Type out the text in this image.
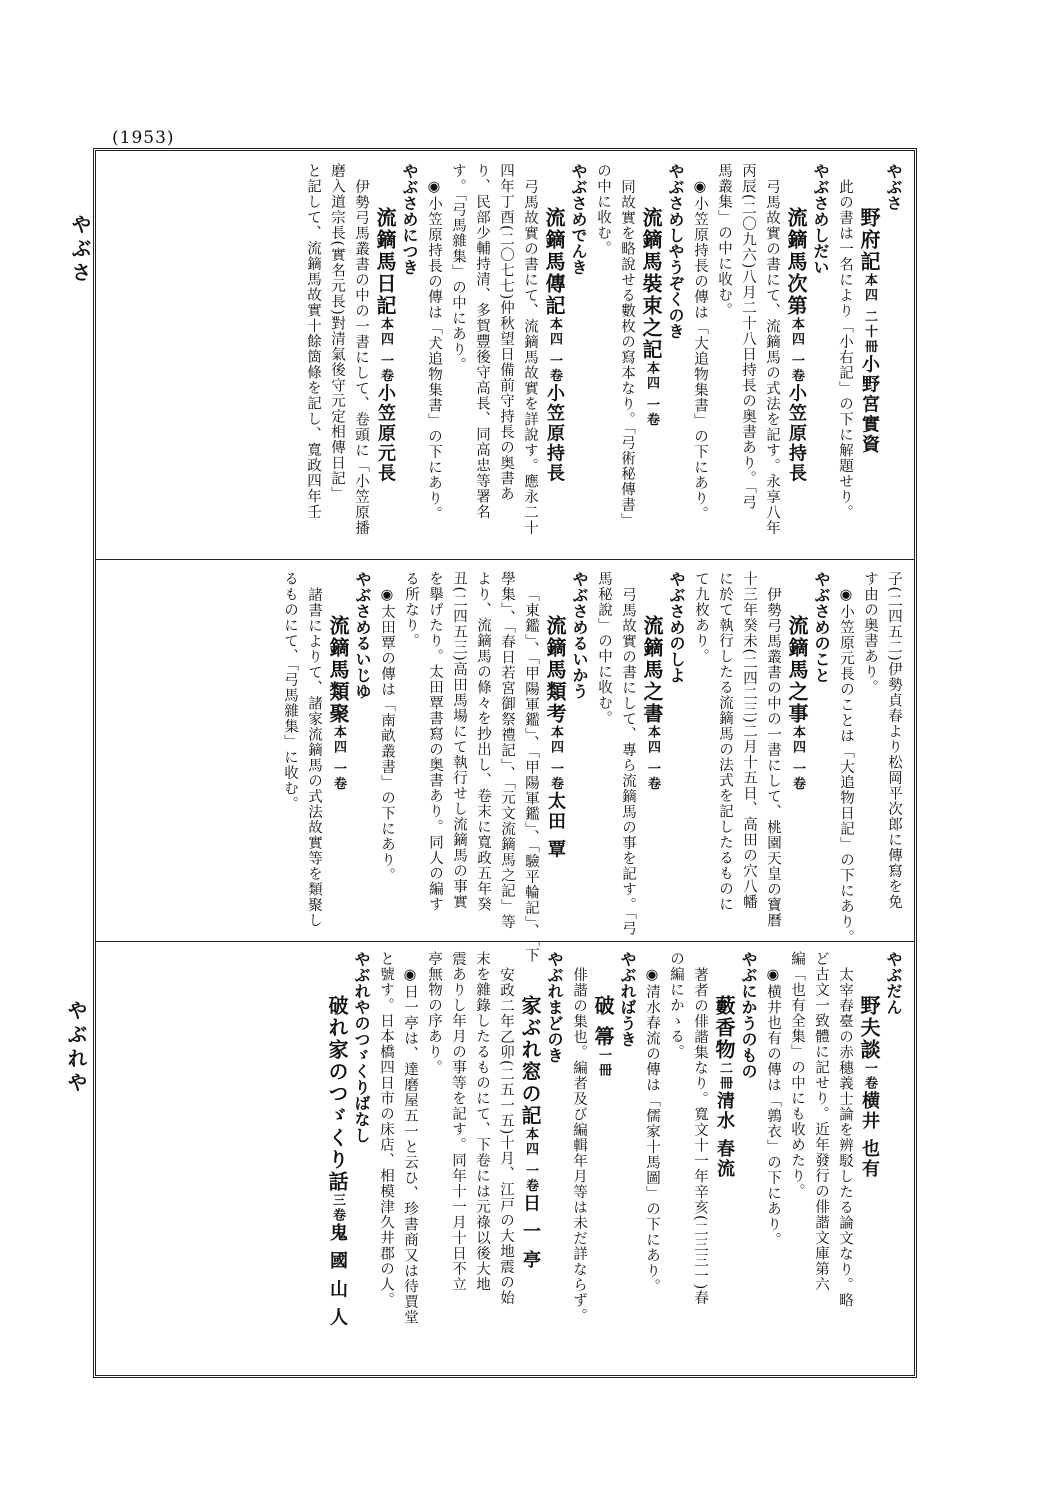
(1953)
やぶさ
やぶれや
やぶさ
野府記本四 二十冊小野宮實資
此の書は一名により「小右記」の下に解題せり。
やぶさめしだい
流鏑馬次第本四 一卷小笠原持長
弓馬故實の書にて、流鏑馬の式法を記す。永享八年
丙辰(二〇九六)八月二十八日持長の奥書あり。「弓
馬叢集」の中に收む。
◉小笠原持長の傳は「大追物集書」の下にあり。
やぶさめしやうぞくのき
流鏑馬裝束之記本四 一卷
同故實を略說せる數枚の寫本なり。「弓術秘傳書」
の中に收む。
やぶさめでんき
流鏑馬傳記本四 一卷小笠原持長
弓馬故實の書にて、流鏑馬故實を詳說す。應永二十
四年丁酉(二〇七七)仲秋望日備前守持長の奥書あ
り、民部少輔持清、多賀豐後守高長、同高忠等署名
す。「弓馬雜集」の中にあり。
◉小笠原持長の傳は「犬追物集書」の下にあり。
やぶさめにつき
流鏑馬日記本四 一卷小笠原元長
伊勢弓馬叢書の中の一書にして、卷頭に「小笠原播
磨入道宗長(實名元長)對清氣後守元定相傳日記」
と記して、流鏑馬故實十餘箇條を記し、寬政四年壬
子(二四五二)伊勢貞春より松岡平次郎に傳寫を免
す由の奥書あり。
◉小笠原元長のことは「大追物日記」の下にあり。
やぶさめのこと
流鏑馬之事本四 一卷
伊勢弓馬叢書の中の一書にして、桃園天皇の寶曆
十三年癸未(二四二三)二月十五日、高田の穴八幡
に於て執行したる流鏑馬の法式を記したるものに
て九枚あり。
やぶさめのしよ
流鏑馬之書本四 一卷
弓馬故實の書にして、專ら流鏑馬の事を記す。「弓
馬秘說」の中に收む。
やぶさめるいかう
流鏑馬類考本四 一卷太田 覃
「東鑑」、「甲陽軍鑑」、「甲陽軍鑑」、「驗平輪記」、「下
學集」、「春日若宮御祭禮記」、「元文流鏑馬之記」等
より、流鏑馬の條々を抄出し、卷末に寬政五年癸
丑(二四五三)高田馬場にて執行せし流鏑馬の事實
を擧げたり。太田覃書寫の奥書あり。同人の編す
る所なり。
◉太田覃の傳は「南畝叢書」の下にあり。
やぶさめるいじゆ
流鏑馬類聚本四 一卷
諸書によりて、諸家流鏑馬の式法故實等を類聚し
るものにて、「弓馬雜集」に收む。
やぶだん
野夫談一卷横井 也有
太宰春臺の赤穗義士論を辨駁したる論文なり。略
ど古文一致體に記せり。近年發行の俳諧文庫第六
編「也有全集」の中にも收めたり。
◉横井也有の傳は「鶉衣」の下にあり。
やぶにかうのもの
藪香物二冊清水 春流
著者の俳諧集なり。寬文十一年辛亥(二三三一)春
の編にかゝる。
◉清水春流の傳は「儒家十馬圖」の下にあり。
やぶればうき
破 箒一冊
俳諧の集也。編者及び編輯年月等は未だ詳ならず。
やぶれまどのき
家ぶれ窓の記本四 一卷日 一 亭
安政二年乙卯(二五一五)十月、江戸の大地震の始
末を雜錄したるものにて、下卷には元祿以後大地
震ありし年月の事等を記す。同年十一月十日不立
亭無物の序あり。
◉日一亭は、達磨屋五一と云ひ、珍書商又は待賈堂
と號す。日本橋四日市の床店、相模津久井郡の人。
やぶれやのつゞくりばなし
破れ家のつゞくり話三卷鬼 國 山 人
